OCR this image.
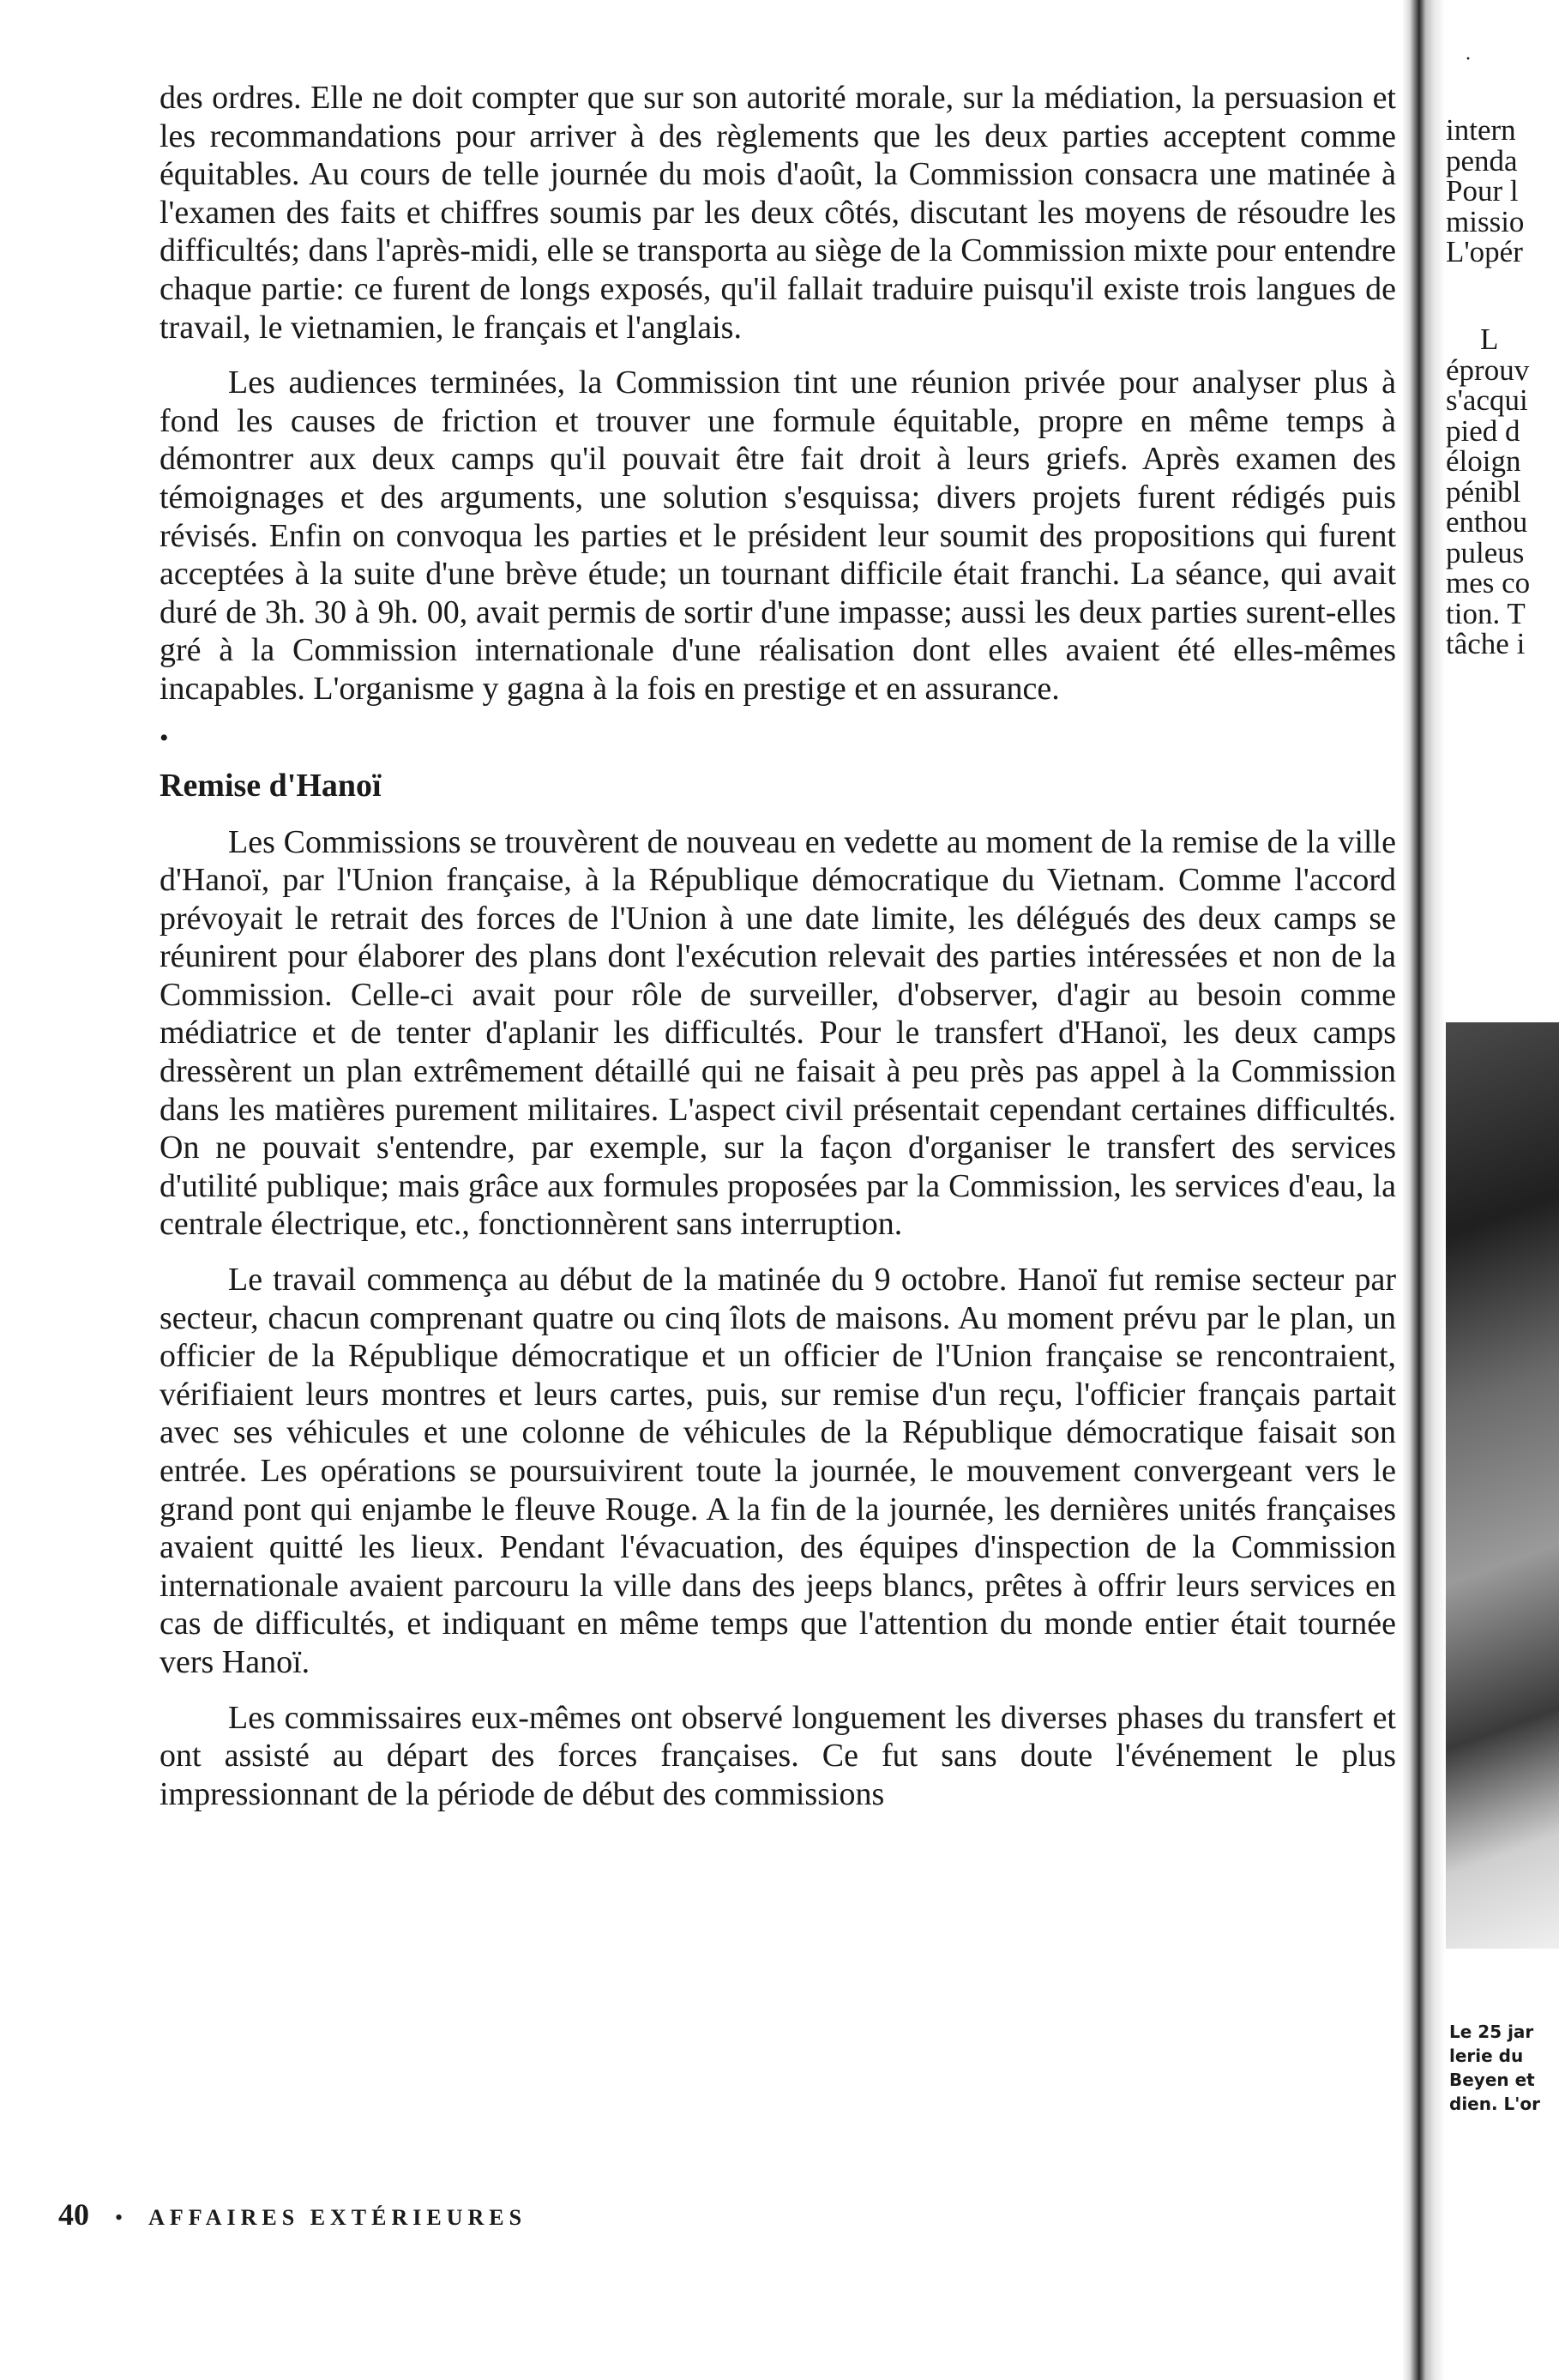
·

des ordres. Elle ne doit compter que sur son autorité morale, sur la médiation, la persuasion et les recommandations pour arriver à des règlements que les deux parties acceptent comme équitables. Au cours de telle journée du mois d'août, la Commission consacra une matinée à l'examen des faits et chiffres soumis par les deux côtés, discutant les moyens de résoudre les difficultés; dans l'après-midi, elle se transporta au siège de la Commission mixte pour entendre chaque partie: ce furent de longs exposés, qu'il fallait traduire puisqu'il existe trois langues de travail, le vietnamien, le français et l'anglais.

Les audiences terminées, la Commission tint une réunion privée pour analyser plus à fond les causes de friction et trouver une formule équitable, propre en même temps à démontrer aux deux camps qu'il pouvait être fait droit à leurs griefs. Après examen des témoignages et des arguments, une solution s'esquissa; divers projets furent rédigés puis révisés. Enfin on convoqua les parties et le président leur soumit des propositions qui furent acceptées à la suite d'une brève étude; un tournant difficile était franchi. La séance, qui avait duré de 3h. 30 à 9h. 00, avait permis de sortir d'une impasse; aussi les deux parties surent-elles gré à la Commission internationale d'une réalisation dont elles avaient été elles-mêmes incapables. L'organisme y gagna à la fois en prestige et en assurance.

•
Remise d'Hanoï

Les Commissions se trouvèrent de nouveau en vedette au moment de la remise de la ville d'Hanoï, par l'Union française, à la République démocratique du Vietnam. Comme l'accord prévoyait le retrait des forces de l'Union à une date limite, les délégués des deux camps se réunirent pour élaborer des plans dont l'exécution relevait des parties intéressées et non de la Commission. Celle-ci avait pour rôle de surveiller, d'observer, d'agir au besoin comme médiatrice et de tenter d'aplanir les difficultés. Pour le transfert d'Hanoï, les deux camps dressèrent un plan extrêmement détaillé qui ne faisait à peu près pas appel à la Commission dans les matières purement militaires. L'aspect civil présentait cependant certaines difficultés. On ne pouvait s'entendre, par exemple, sur la façon d'organiser le transfert des services d'utilité publique; mais grâce aux formules proposées par la Commission, les services d'eau, la centrale électrique, etc., fonctionnèrent sans interruption.

Le travail commença au début de la matinée du 9 octobre. Hanoï fut remise secteur par secteur, chacun comprenant quatre ou cinq îlots de maisons. Au moment prévu par le plan, un officier de la République démocratique et un officier de l'Union française se rencontraient, vérifiaient leurs montres et leurs cartes, puis, sur remise d'un reçu, l'officier français partait avec ses véhicules et une colonne de véhicules de la République démocratique faisait son entrée. Les opérations se poursuivirent toute la journée, le mouvement convergeant vers le grand pont qui enjambe le fleuve Rouge. A la fin de la journée, les dernières unités françaises avaient quitté les lieux. Pendant l'évacuation, des équipes d'inspection de la Commission internationale avaient parcouru la ville dans des jeeps blancs, prêtes à offrir leurs services en cas de difficultés, et indiquant en même temps que l'attention du monde entier était tournée vers Hanoï.

Les commissaires eux-mêmes ont observé longuement les diverses phases du transfert et ont assisté au départ des forces françaises. Ce fut sans doute l'événement le plus impressionnant de la période de début des commissions

40 • AFFAIRES EXTÉRIEURES
intern
penda
Pour l
missio
L'opér
L
éprouv
s'acqui
pied d
éloign
pénibl
enthou
puleus
mes co
tion. T
tâche i
Le 25 jar
lerie du
Beyen et
dien. L'or
